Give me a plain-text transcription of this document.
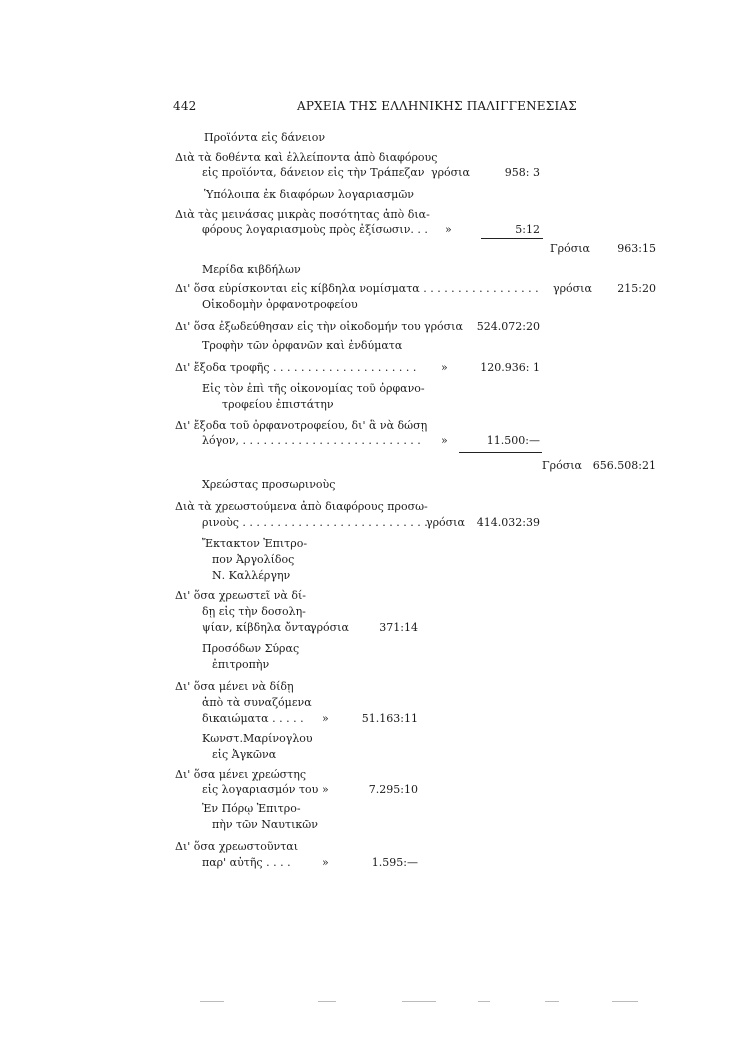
442	ΑΡΧΕΙΑ ΤΗΣ ΕΛΛΗΝΙΚΗΣ ΠΑΛΙΓΓΕΝΕΣΙΑΣ
Προϊόντα εἰς δάνειον
Διὰ τὰ δοθέντα καὶ ἐλλείποντα ἀπὸ διαφόρους
εἰς προϊόντα, δάνειον εἰς τὴν Τράπεζαν γρόσια	958: 3
Ὑπόλοιπα ἐκ διαφόρων λογαριασμῶν
Διὰ τὰς μεινάσας μικρὰς ποσότητας ἀπὸ δια-
φόρους λογαριασμοὺς πρὸς ἐξίσωσιν. . . »	5:12
Γρόσια	963:15
Μερίδα κιβδήλων
Δι' ὅσα εὑρίσκονται εἰς κίβδηλα νομίσματα . . . . . . . . . . . . . . . . . γρόσια	215:20
Οἰκοδομὴν ὀρφανοτροφείου
Δι' ὅσα ἐξωδεύθησαν εἰς τὴν οἰκοδομήν του γρόσια	524.072:20
Τροφὴν τῶν ὀρφανῶν καὶ ἐνδύματα
Δι' ἔξοδα τροφῆς . . . . . . . . . . . . . . . . . . . . . »	120.936: 1
Εἰς τὸν ἐπὶ τῆς οἰκονομίας τοῦ ὀρφανο-
τροφείου ἐπιστάτην
Δι' ἔξοδα τοῦ ὀρφανοτροφείου, δι' ἃ νὰ δώσῃ
λόγον, . . . . . . . . . . . . . . . . . . . . . . . . . . »	11.500:—
Γρόσια 656.508:21
Χρεώστας προσωρινοὺς
Διὰ τὰ χρεωστούμενα ἀπὸ διαφόρους προσω-
ρινοὺς . . . . . . . . . . . . . . . . . . . . . . . . . . .
γρόσια	414.032:39
Ἔκτακτον Ἐπιτρο-
πον Ἀργολίδος
Ν. Καλλέργην
Δι' ὅσα χρεωστεῖ νὰ δί-
δῃ εἰς τὴν δοσολη-
ψίαν, κίβδηλα ὄντα,
γρόσια	371:14
Προσόδων Σύρας
ἐπιτροπὴν
Δι' ὅσα μένει νὰ δίδῃ
ἀπὸ τὰ συναζόμενα
δικαιώματα . . . . . »	51.163:11
Κωνστ.Μαρίνογλου
εἰς Ἀγκῶνα
Δι' ὅσα μένει χρεώστης
εἰς λογαριασμόν του »	7.295:10
Ἐν Πόρῳ Ἐπιτρο-
πὴν τῶν Ναυτικῶν
Δι' ὅσα χρεωστοῦνται
παρ' αὐτῆς . . . .	»	1.595:—
